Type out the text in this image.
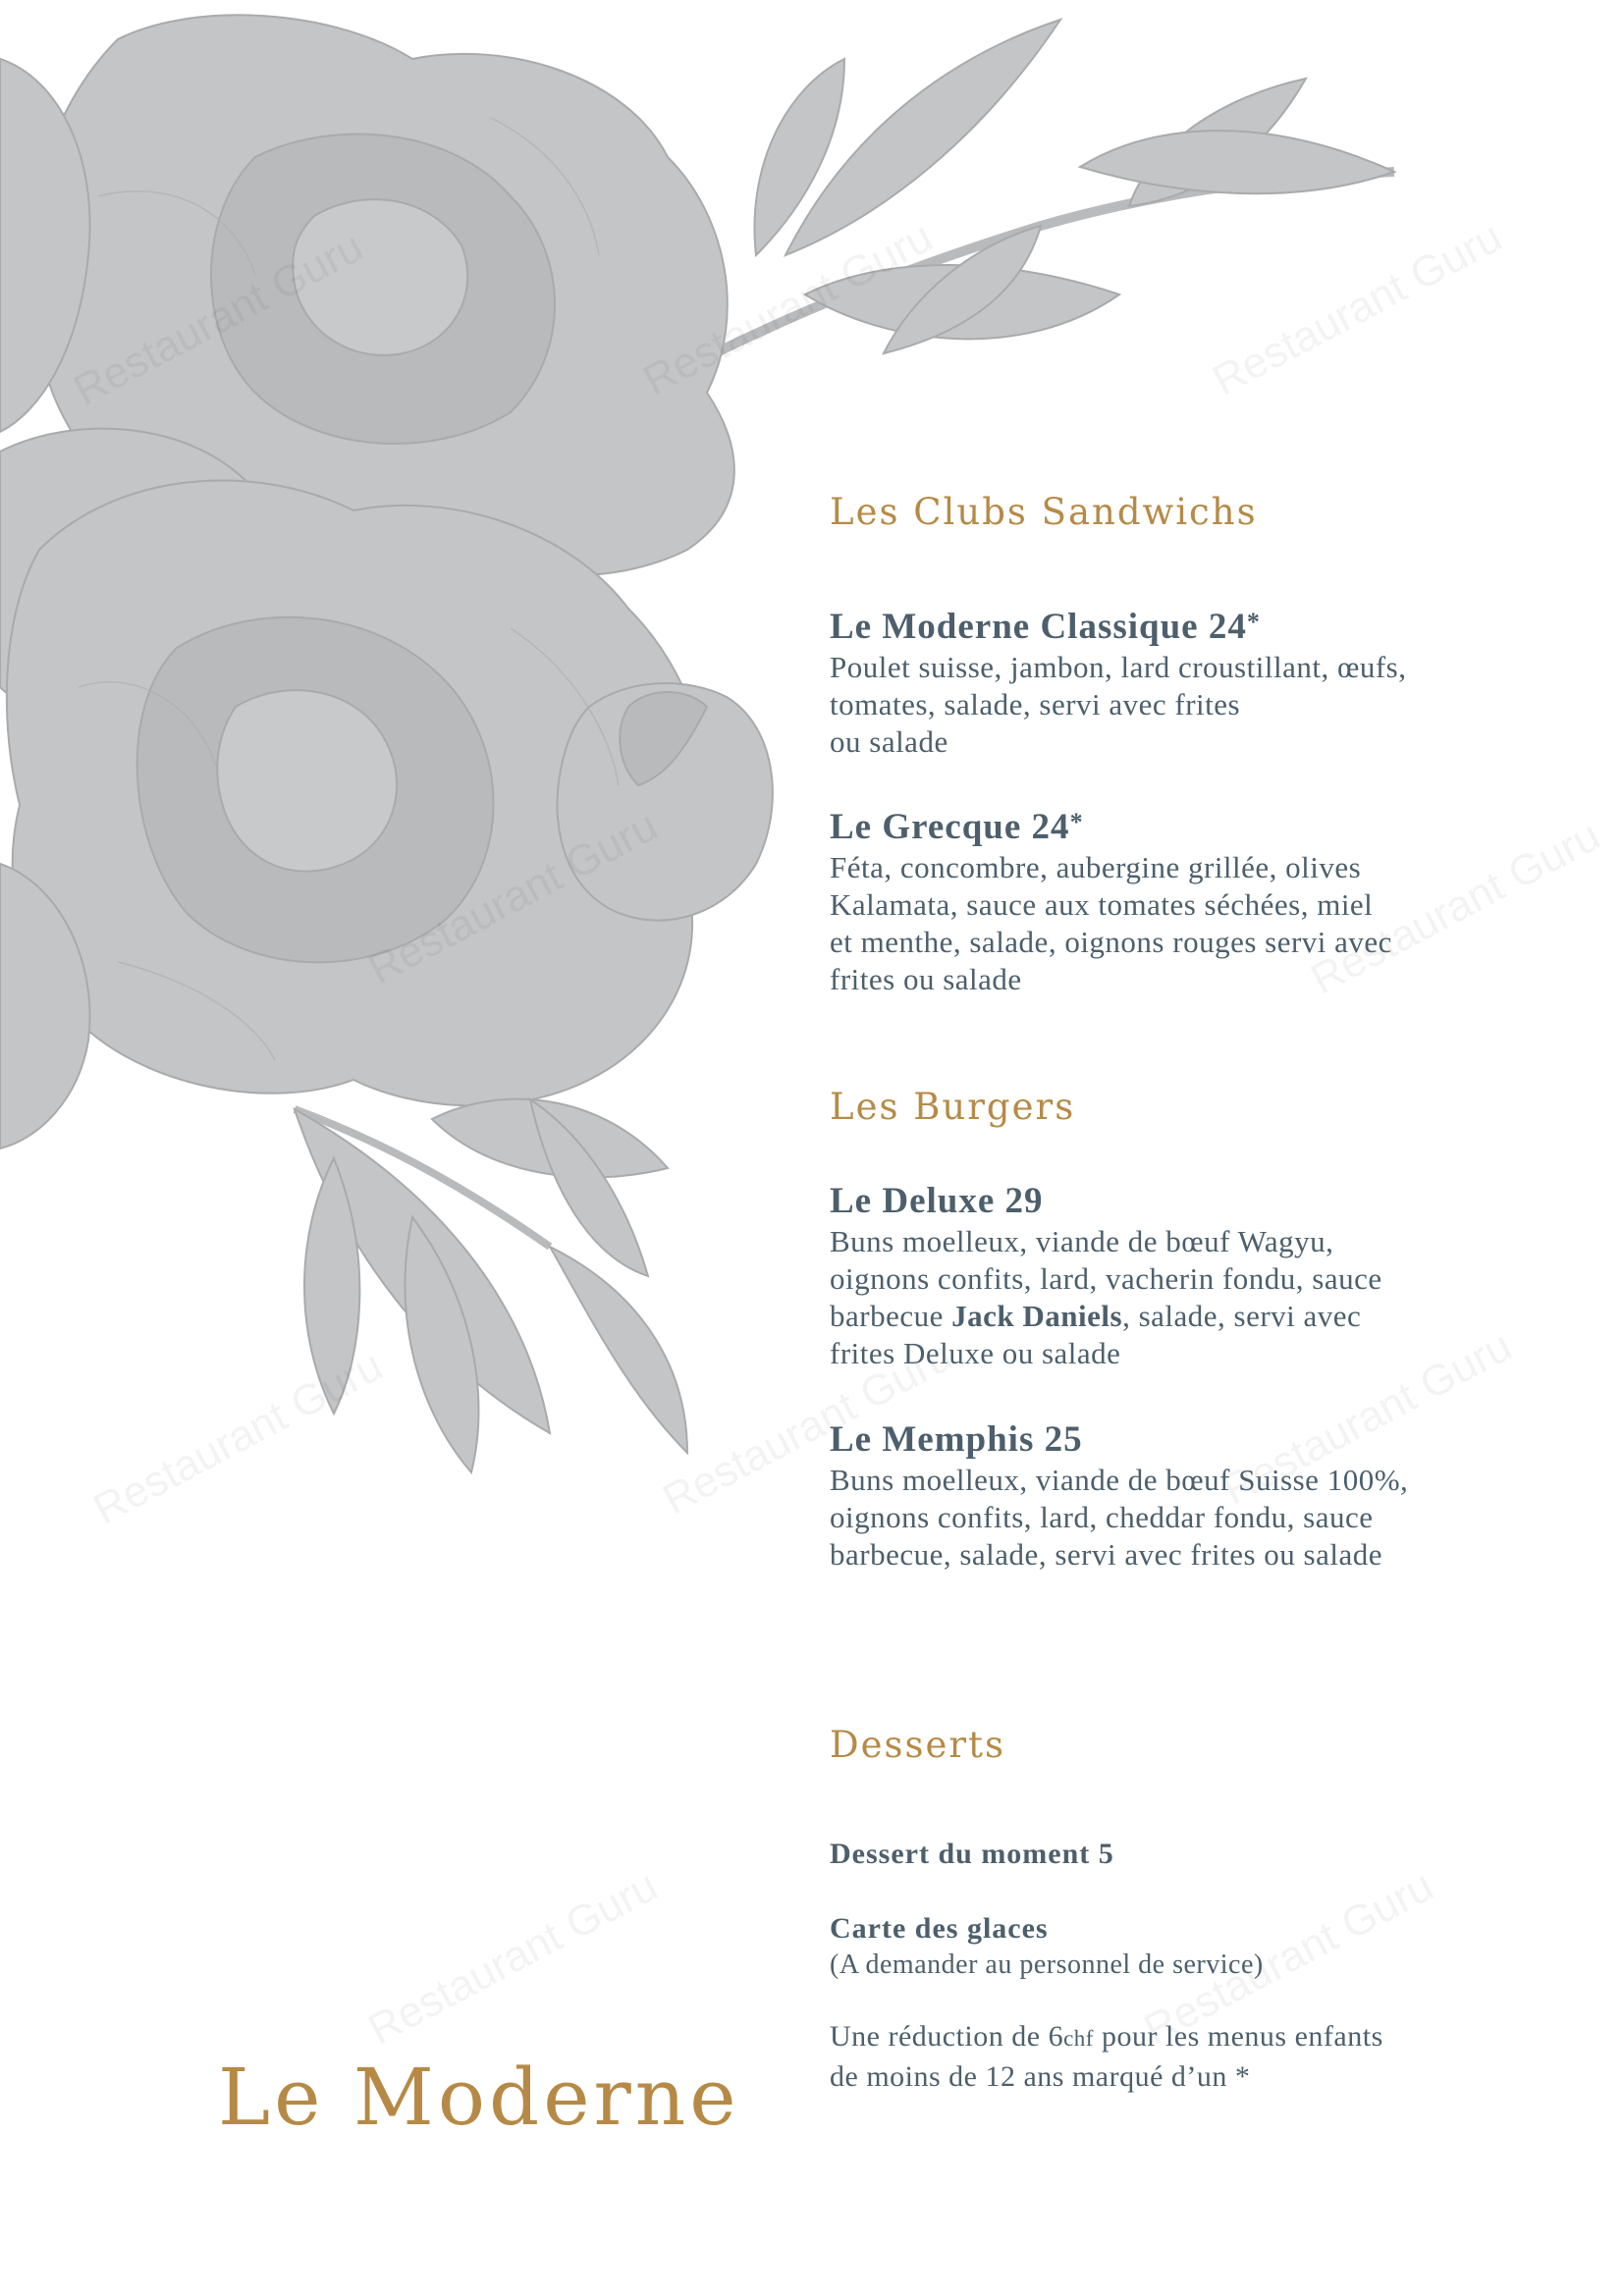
Les Clubs Sandwichs
Le Moderne Classique 24*
Poulet suisse, jambon, lard croustillant, œufs,
tomates, salade, servi avec frites
ou salade
Le Grecque 24*
Féta, concombre, aubergine grillée, olives
Kalamata, sauce aux tomates séchées, miel
et menthe, salade, oignons rouges servi avec
frites ou salade
Les Burgers
Le Deluxe 29
Buns moelleux, viande de bœuf Wagyu,
oignons confits, lard, vacherin fondu, sauce
barbecue Jack Daniels, salade, servi avec
frites Deluxe ou salade
Le Memphis 25
Buns moelleux, viande de bœuf Suisse 100%,
oignons confits, lard, cheddar fondu, sauce
barbecue, salade, servi avec frites ou salade
Desserts
Dessert du moment 5
Carte des glaces
(A demander au personnel de service)
Une réduction de 6chf pour les menus enfants
de moins de 12 ans marqué d’un *
Le Moderne
